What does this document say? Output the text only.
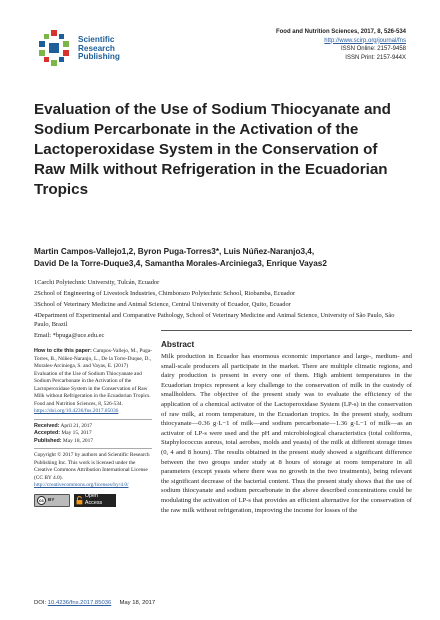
Scientific
Research
Publishing
Food and Nutrition Sciences, 2017, 8, 526-534
http://www.scirp.org/journal/fns
ISSN Online: 2157-9458
ISSN Print: 2157-944X
Evaluation of the Use of Sodium Thiocyanate and Sodium Percarbonate in the Activation of the Lactoperoxidase System in the Conservation of Raw Milk without Refrigeration in the Ecuadorian Tropics
Martin Campos-Vallejo1,2, Byron Puga-Torres3*, Luis Núñez-Naranjo3,4,
David De la Torre-Duque3,4, Samantha Morales-Arciniega3, Enrique Vayas2

1Carchi Polytechnic University, Tulcán, Ecuador

2School of Engineering of Livestock Industries, Chimborazo Polytechnic School, Riobamba, Ecuador

3School of Veterinary Medicine and Animal Science, Central University of Ecuador, Quito, Ecuador

4Department of Experimental and Comparative Pathology, School of Veterinary Medicine and Animal Science, University of São Paulo, São Paulo, Brazil

Email: *bpuga@uce.edu.ec

How to cite this paper: Campos-Vallejo, M., Puga-Torres, B., Núñez-Naranjo, L., De la Torre-Duque, D., Morales-Arciniega, S. and Vayas, E. (2017) Evaluation of the Use of Sodium Thiocyanate and Sodium Percarbonate in the Activation of the Lactoperoxidase System in the Conservation of Raw Milk without Refrigeration in the Ecuadorian Tropics. Food and Nutrition Sciences, 8, 526-534.
https://doi.org/10.4236/fns.2017.85036
Received: April 21, 2017
Accepted: May 15, 2017
Published: May 18, 2017
Copyright © 2017 by authors and Scientific Research Publishing Inc. This work is licensed under the Creative Commons Attribution International License (CC BY 4.0).
http://creativecommons.org/licenses/by/4.0/
cc BY
Open Access
Abstract
Milk production in Ecuador has enormous economic importance and large-, medium- and small-scale producers all participate in the market. There are multiple climatic regions, and dairy production is present in every one of them. High ambient temperatures in the Ecuadorian tropics represent a key challenge to the conservation of milk in the custody of smallholders. The objective of the present study was to evaluate the efficiency of the application of a chemical activator of the Lactoperoxidase System (LP-s) in the conservation of raw milk, at room temperature, in the Ecuadorian tropics. In the present study, sodium thiocyanate—0.36 g·L−1 of milk—and sodium percarbonate—1.36 g·L−1 of milk—as an activator of LP-s were used and the pH and microbiological characteristics (total coliforms, Staphylococcus aureus, total aerobes, molds and yeasts) of the milk at different storage times (0, 4 and 8 hours). The results obtained in the present study showed a significant difference between the two groups under study at 8 hours of storage at room temperature in all parameters (except yeasts where there was no growth in the two treatments), being relevant the significant decrease of the bacterial content. Thus the present study shows that the use of sodium thiocyanate and sodium percarbonate in the above described concentrations could be modulating the activation of LP-s that provides an efficient alternative for the conservation of the raw milk without refrigeration, improving the income for losses of the
DOI: 10.4236/fns.2017.85036 May 18, 2017
